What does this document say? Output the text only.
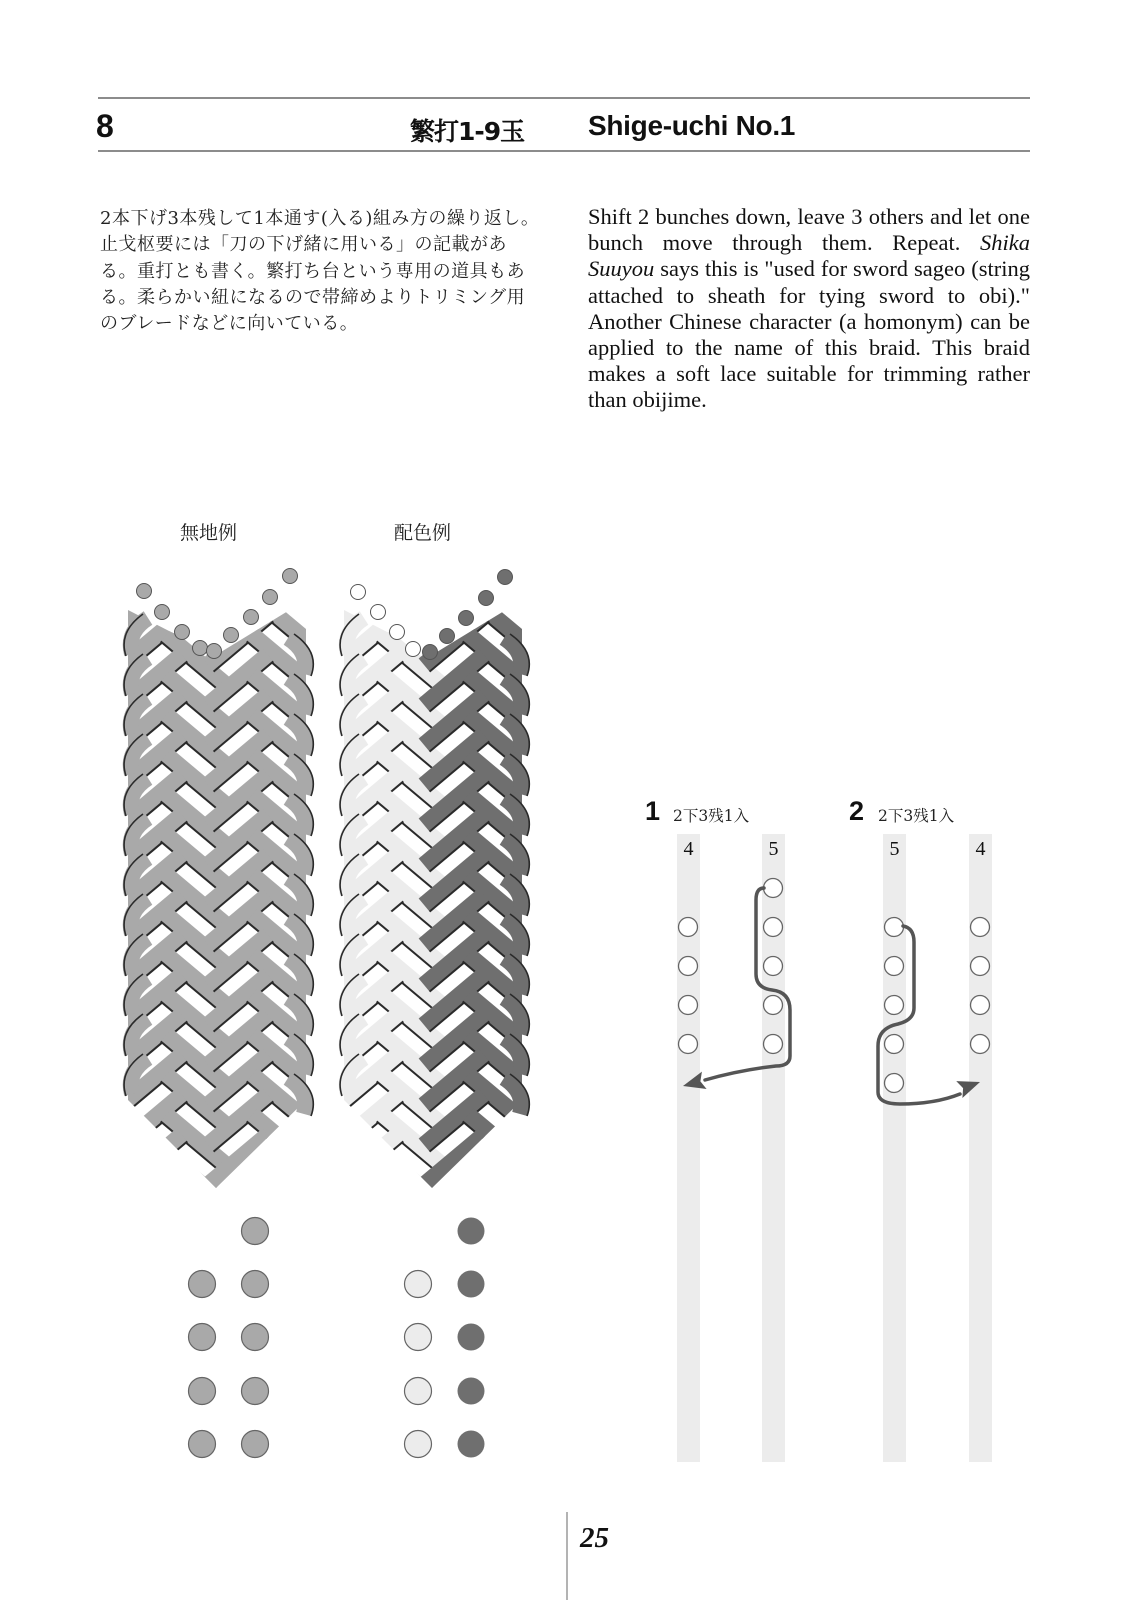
8	繁打1-9玉 Shige-uchi No.1
2本下げ3本残して1本通す(入る)組み方の繰り返し。止戈枢要には「刀の下げ緒に用いる」の記載がある。重打とも書く。繁打ち台という専用の道具もある。柔らかい紐になるので帯締めよりトリミング用のブレードなどに向いている。
Shift 2 bunches down, leave 3 others and let one bunch move through them. Repeat. Shika Suuyou says this is "used for sword sageo (string attached to sheath for tying sword to obi)." Another Chinese character (a homonym) can be applied to the name of this braid. This braid makes a soft lace suitable for trimming rather than obijime.
無地例	配色例
1 2下3残1入	2 2下3残1入
4	5	5	4
25
